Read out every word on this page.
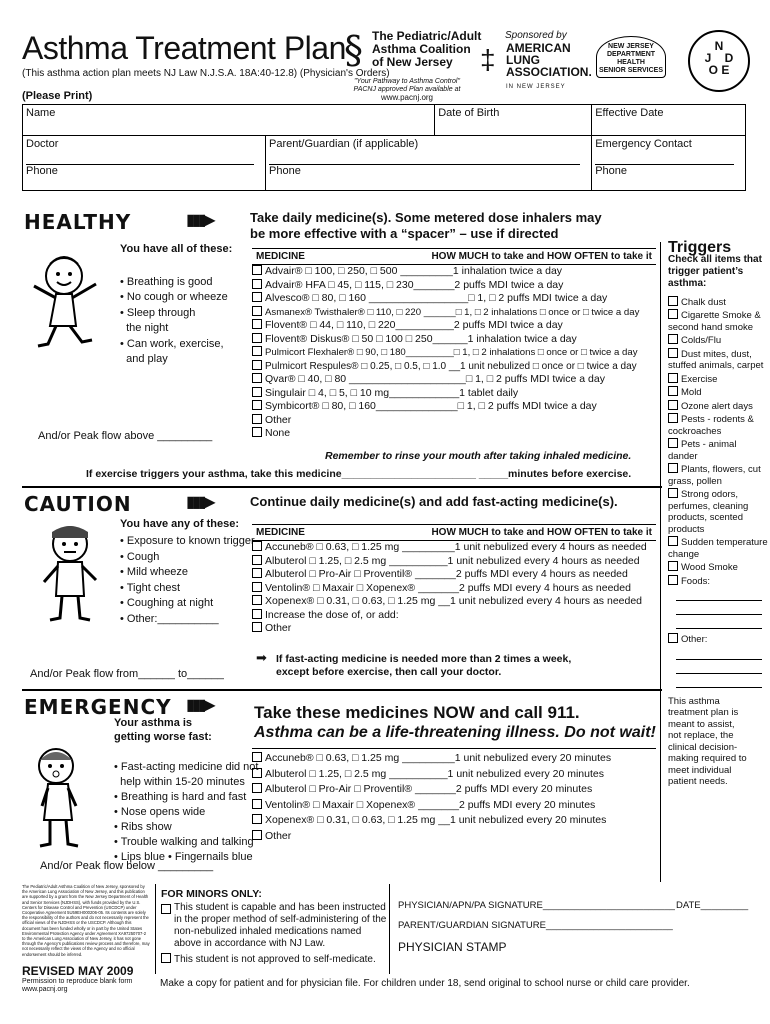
Asthma Treatment Plan
(This asthma action plan meets NJ Law N.J.S.A. 18A:40-12.8) (Physician's Orders)
(Please Print)
§ The Pediatric/Adult
Asthma Coalition
of New Jersey
"Your Pathway to Asthma Control"
PACNJ approved Plan available at
www.pacnj.org
Sponsored by
‡ AMERICAN
LUNG
ASSOCIATION.
IN NEW JERSEY
NEW JERSEY
DEPARTMENT
HEALTH
SENIOR SERVICES
N
J D
O E
Name		Date of Birth	Effective Date
Doctor
Phone	Parent/Guardian (if applicable)
Phone		Emergency Contact
Phone
HEALTHY	▮▮▮▶	Take daily medicine(s). Some metered dose inhalers may
be more effective with a “spacer” – use if directed
You have all of these:

• Breathing is good
• No cough or wheeze
• Sleep through
the night
• Can work, exercise,
and play

And/or Peak flow above _________
MEDICINE	HOW MUCH to take and HOW OFTEN to take it
Advair® □ 100, □ 250, □ 500 _________1 inhalation twice a day
Advair® HFA □ 45, □ 115, □ 230_______2 puffs MDI twice a day
Alvesco® □ 80, □ 160 _________________□ 1, □ 2 puffs MDI twice a day
Asmanex® Twisthaler® □ 110, □ 220 ______□ 1, □ 2 inhalations □ once or □ twice a day
Flovent® □ 44, □ 110, □ 220__________2 puffs MDI twice a day
Flovent® Diskus® □ 50 □ 100 □ 250______1 inhalation twice a day
Pulmicort Flexhaler® □ 90, □ 180_________□ 1, □ 2 inhalations □ once or □ twice a day
Pulmicort Respules® □ 0.25, □ 0.5, □ 1.0 __1 unit nebulized □ once or □ twice a day
Qvar® □ 40, □ 80 ____________________□ 1, □ 2 puffs MDI twice a day
Singulair □ 4, □ 5, □ 10 mg____________1 tablet daily
Symbicort® □ 80, □ 160______________□ 1, □ 2 puffs MDI twice a day
Other
None
Remember to rinse your mouth after taking inhaled medicine.
If exercise triggers your asthma, take this medicine_______________________ _____minutes before exercise.
CAUTION	▮▮▮▶	Continue daily medicine(s) and add fast-acting medicine(s).
You have any of these:
• Exposure to known trigger
• Cough
• Mild wheeze
• Tight chest
• Coughing at night
• Other:__________
And/or Peak flow from______ to______
MEDICINE	HOW MUCH to take and HOW OFTEN to take it
Accuneb® □ 0.63, □ 1.25 mg _________1 unit nebulized every 4 hours as needed
Albuterol □ 1.25, □ 2.5 mg __________1 unit nebulized every 4 hours as needed
Albuterol □ Pro-Air □ Proventil® _______2 puffs MDI every 4 hours as needed
Ventolin® □ Maxair □ Xopenex® _______2 puffs MDI every 4 hours as needed
Xopenex® □ 0.31, □ 0.63, □ 1.25 mg __1 unit nebulized every 4 hours as needed
Increase the dose of, or add:
Other
➡ If fast-acting medicine is needed more than 2 times a week,
except before exercise, then call your doctor.
EMERGENCY ▮▮▮▶ Take these medicines NOW and call 911.
Asthma can be a life-threatening illness. Do not wait!
Your asthma is
getting worse fast:

• Fast-acting medicine did not
help within 15-20 minutes
• Breathing is hard and fast
• Nose opens wide
• Ribs show
• Trouble walking and talking
• Lips blue • Fingernails blue

And/or Peak flow below _________
Accuneb® □ 0.63, □ 1.25 mg _________1 unit nebulized every 20 minutes
Albuterol □ 1.25, □ 2.5 mg __________1 unit nebulized every 20 minutes
Albuterol □ Pro-Air □ Proventil® _______2 puffs MDI every 20 minutes
Ventolin® □ Maxair □ Xopenex® _______2 puffs MDI every 20 minutes
Xopenex® □ 0.31, □ 0.63, □ 1.25 mg __1 unit nebulized every 20 minutes
Other
Triggers
Check all items that trigger patient’s asthma:
Chalk dust
Cigarette Smoke & second hand smoke
Colds/Flu
Dust mites, dust, stuffed animals, carpet
Exercise
Mold
Ozone alert days
Pests - rodents & cockroaches
Pets - animal dander
Plants, flowers, cut grass, pollen
Strong odors, perfumes, cleaning products, scented products
Sudden temperature change
Wood Smoke
Foods:
Other:
This asthma treatment plan is meant to assist, not replace, the clinical decision-making required to meet individual patient needs.
The Pediatric/Adult Asthma Coalition of New Jersey, sponsored by the American Lung Association of New Jersey, and this publication are supported by a grant from the New Jersey Department of Health and Senior Services (NJDHSS), with funds provided by the U.S. Centers for Disease Control and Prevention (USCDCP) under Cooperative Agreement 5U59EH000206-05. Its contents are solely the responsibility of the authors and do not necessarily represent the official views of the NJDHSS or the USCDCP. Although this document has been funded wholly or in part by the United States Environmental Protection Agency under Agreement XA97250707-2 to the American Lung Association of New Jersey, it has not gone through the Agency's publications review process and therefore, may not necessarily reflect the views of the Agency and no official endorsement should be inferred.
REVISED MAY 2009
Permission to reproduce blank form
www.pacnj.org
FOR MINORS ONLY:
This student is capable and has been instructed in the proper method of self-administering of the non-nebulized inhaled medications named above in accordance with NJ Law.
This student is not approved to self-medicate.
PHYSICIAN/APN/PA SIGNATURE_________________________ DATE_________
PARENT/GUARDIAN SIGNATURE________________________
PHYSICIAN STAMP
Make a copy for patient and for physician file. For children under 18, send original to school nurse or child care provider.
